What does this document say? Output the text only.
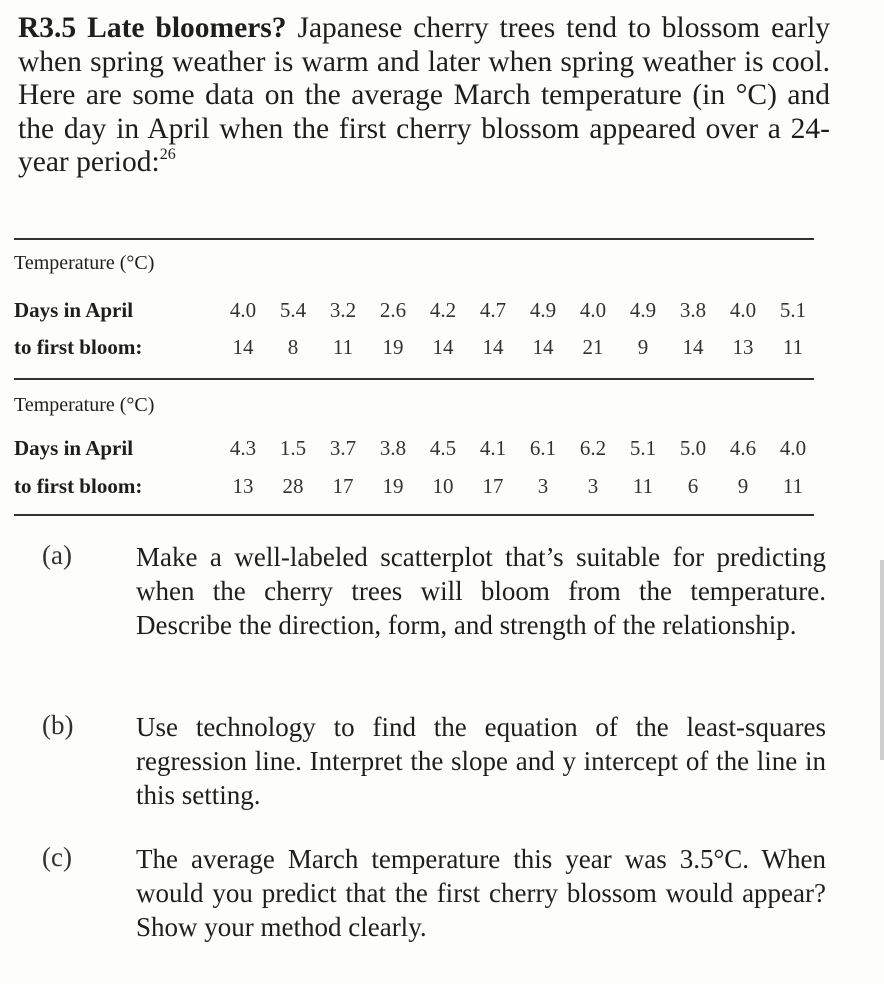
R3.5 Late bloomers? Japanese cherry trees tend to blossom early when spring weather is warm and later when spring weather is cool. Here are some data on the average March temperature (in °C) and the day in April when the first cherry blossom appeared over a 24-year period:$^{26}$
Temperature (°C)
Days in April	4.0	5.4	3.2	2.6	4.2	4.7	4.9	4.0	4.9	3.8	4.0	5.1
to first bloom:	14	8	11	19	14	14	14	21	9	14	13	11
Temperature (°C)
Days in April	4.3	1.5	3.7	3.8	4.5	4.1	6.1	6.2	5.1	5.0	4.6	4.0
to first bloom:	13	28	17	19	10	17	3	3	11	6	9	11
(a) Make a well-labeled scatterplot that’s suitable for predicting when the cherry trees will bloom from the temperature. Describe the direction, form, and strength of the relationship.
(b) Use technology to find the equation of the least-squares regression line. Interpret the slope and y intercept of the line in this setting.
(c) The average March temperature this year was 3.5°C. When would you predict that the first cherry blossom would appear? Show your method clearly.
